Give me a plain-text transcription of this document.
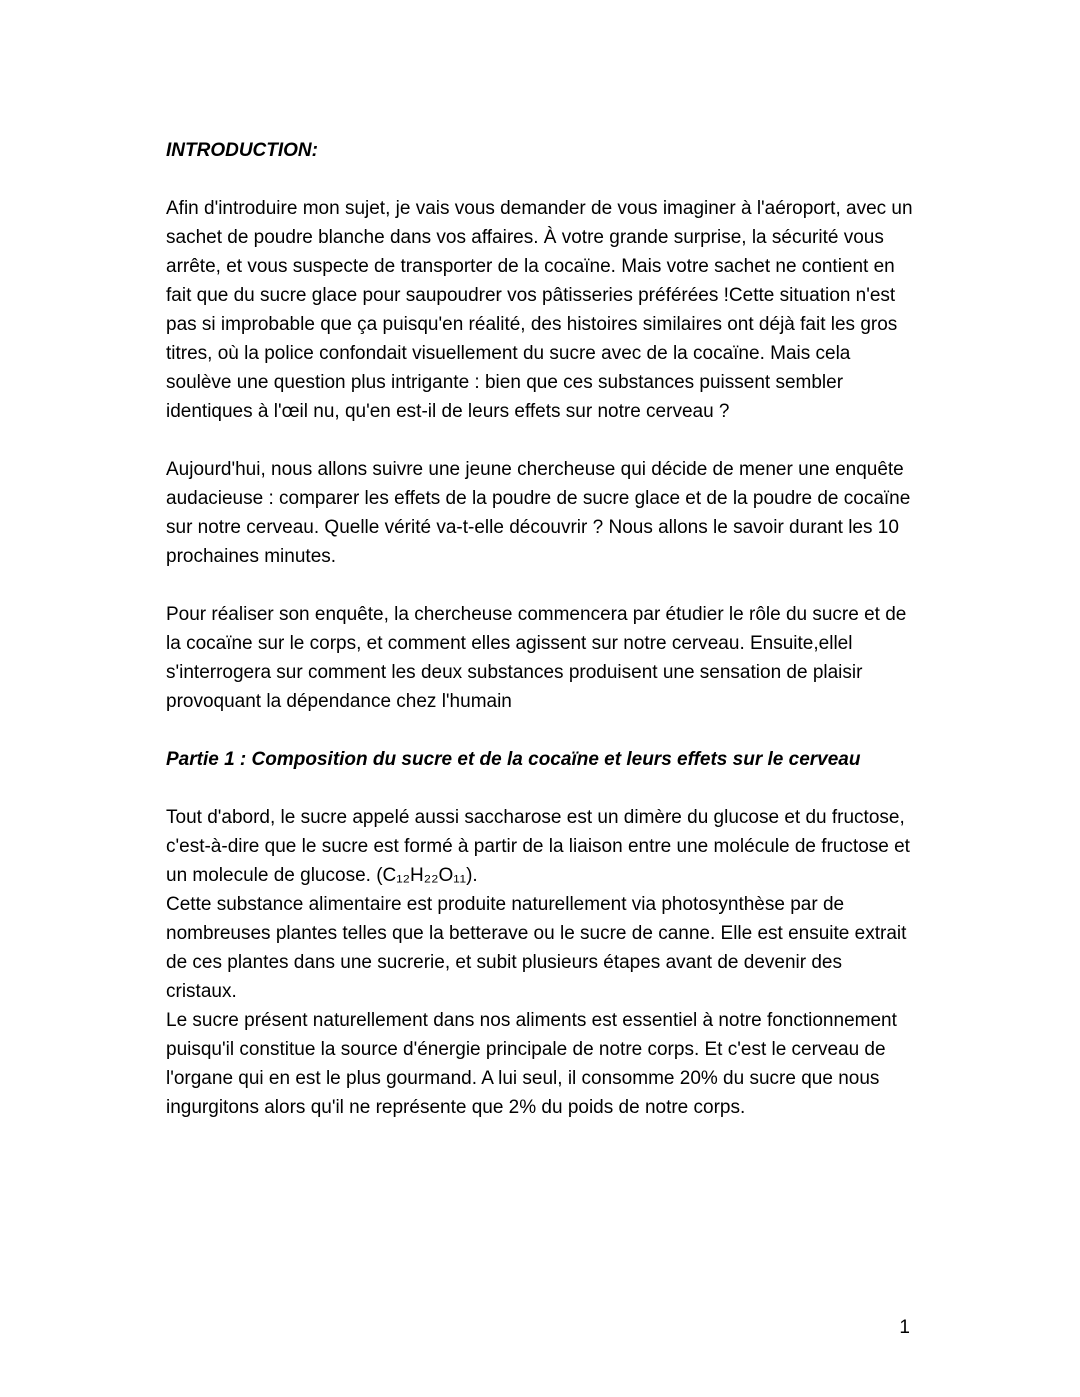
INTRODUCTION:

Afin d'introduire mon sujet, je vais vous demander de vous imaginer à l'aéroport, avec un sachet de poudre blanche dans vos affaires. À votre grande surprise, la sécurité vous arrête, et vous suspecte de transporter de la cocaïne. Mais votre sachet ne contient en fait que du sucre glace pour saupoudrer vos pâtisseries préférées !Cette situation n'est pas si improbable que ça puisqu'en réalité, des histoires similaires ont déjà fait les gros titres, où la police confondait visuellement du sucre avec de la cocaïne. Mais cela soulève une question plus intrigante : bien que ces substances puissent sembler identiques à l'œil nu, qu'en est-il de leurs effets sur notre cerveau ?

Aujourd'hui, nous allons suivre une jeune chercheuse qui décide de mener une enquête audacieuse : comparer les effets de la poudre de sucre glace et de la poudre de cocaïne sur notre cerveau. Quelle vérité va-t-elle découvrir ? Nous allons le savoir durant les 10 prochaines minutes.

Pour réaliser son enquête, la chercheuse commencera par étudier le rôle du sucre et de la cocaïne sur le corps, et comment elles agissent sur notre cerveau. Ensuite,ellel s'interrogera sur comment les deux substances produisent une sensation de plaisir provoquant la dépendance chez l'humain

Partie 1 : Composition du sucre et de la cocaïne et leurs effets sur le cerveau

Tout d'abord, le sucre appelé aussi saccharose est un dimère du glucose et du fructose, c'est-à-dire que le sucre est formé à partir de la liaison entre une molécule de fructose et un molecule de glucose. (C₁₂H₂₂O₁₁).

Cette substance alimentaire est produite naturellement via photosynthèse par de nombreuses plantes telles que la betterave ou le sucre de canne. Elle est ensuite extrait de ces plantes dans une sucrerie, et subit plusieurs étapes avant de devenir des cristaux.

Le sucre présent naturellement dans nos aliments est essentiel à notre fonctionnement puisqu'il constitue la source d'énergie principale de notre corps. Et c'est le cerveau de l'organe qui en est le plus gourmand. A lui seul, il consomme 20% du sucre que nous ingurgitons alors qu'il ne représente que 2% du poids de notre corps.

1
